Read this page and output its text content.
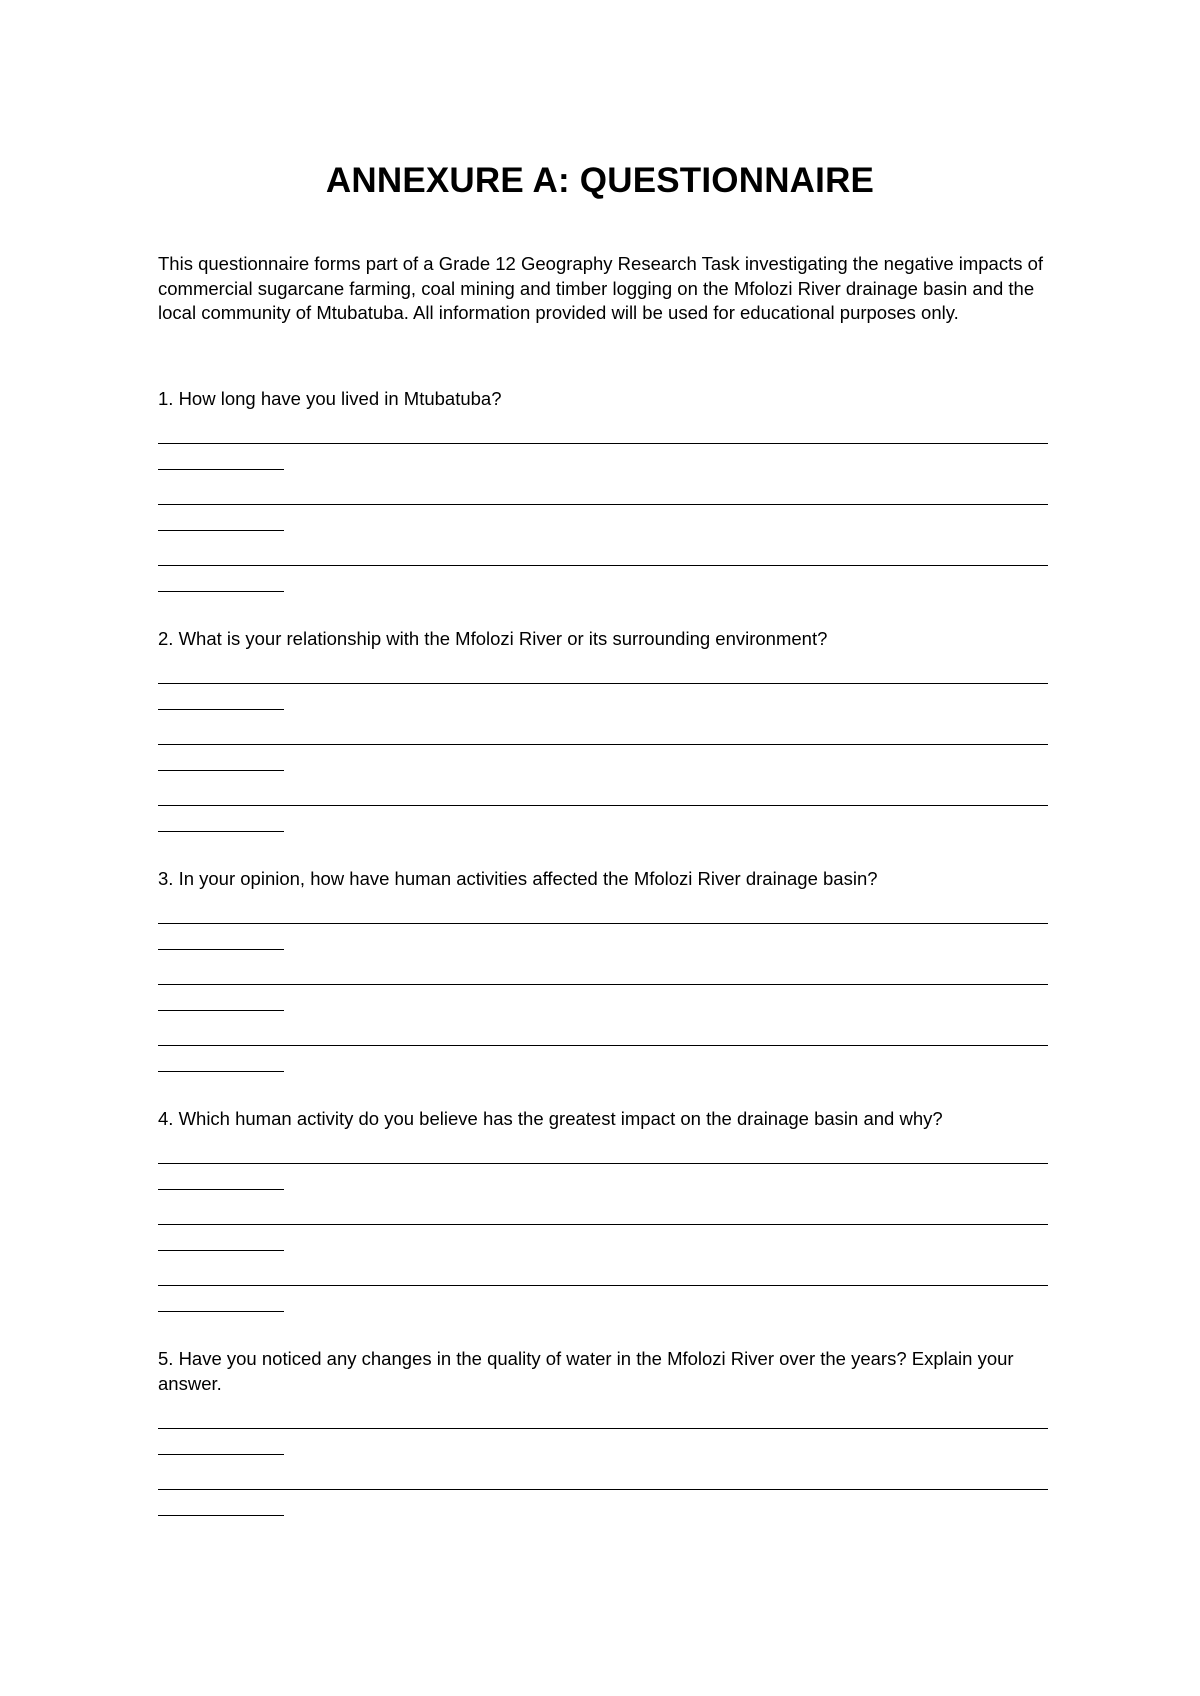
ANNEXURE A: QUESTIONNAIRE

This questionnaire forms part of a Grade 12 Geography Research Task investigating the negative impacts of commercial sugarcane farming, coal mining and timber logging on the Mfolozi River drainage basin and the local community of Mtubatuba. All information provided will be used for educational purposes only.

1. How long have you lived in Mtubatuba?
2. What is your relationship with the Mfolozi River or its surrounding environment?
3. In your opinion, how have human activities affected the Mfolozi River drainage basin?
4. Which human activity do you believe has the greatest impact on the drainage basin and why?
5. Have you noticed any changes in the quality of water in the Mfolozi River over the years? Explain your answer.
